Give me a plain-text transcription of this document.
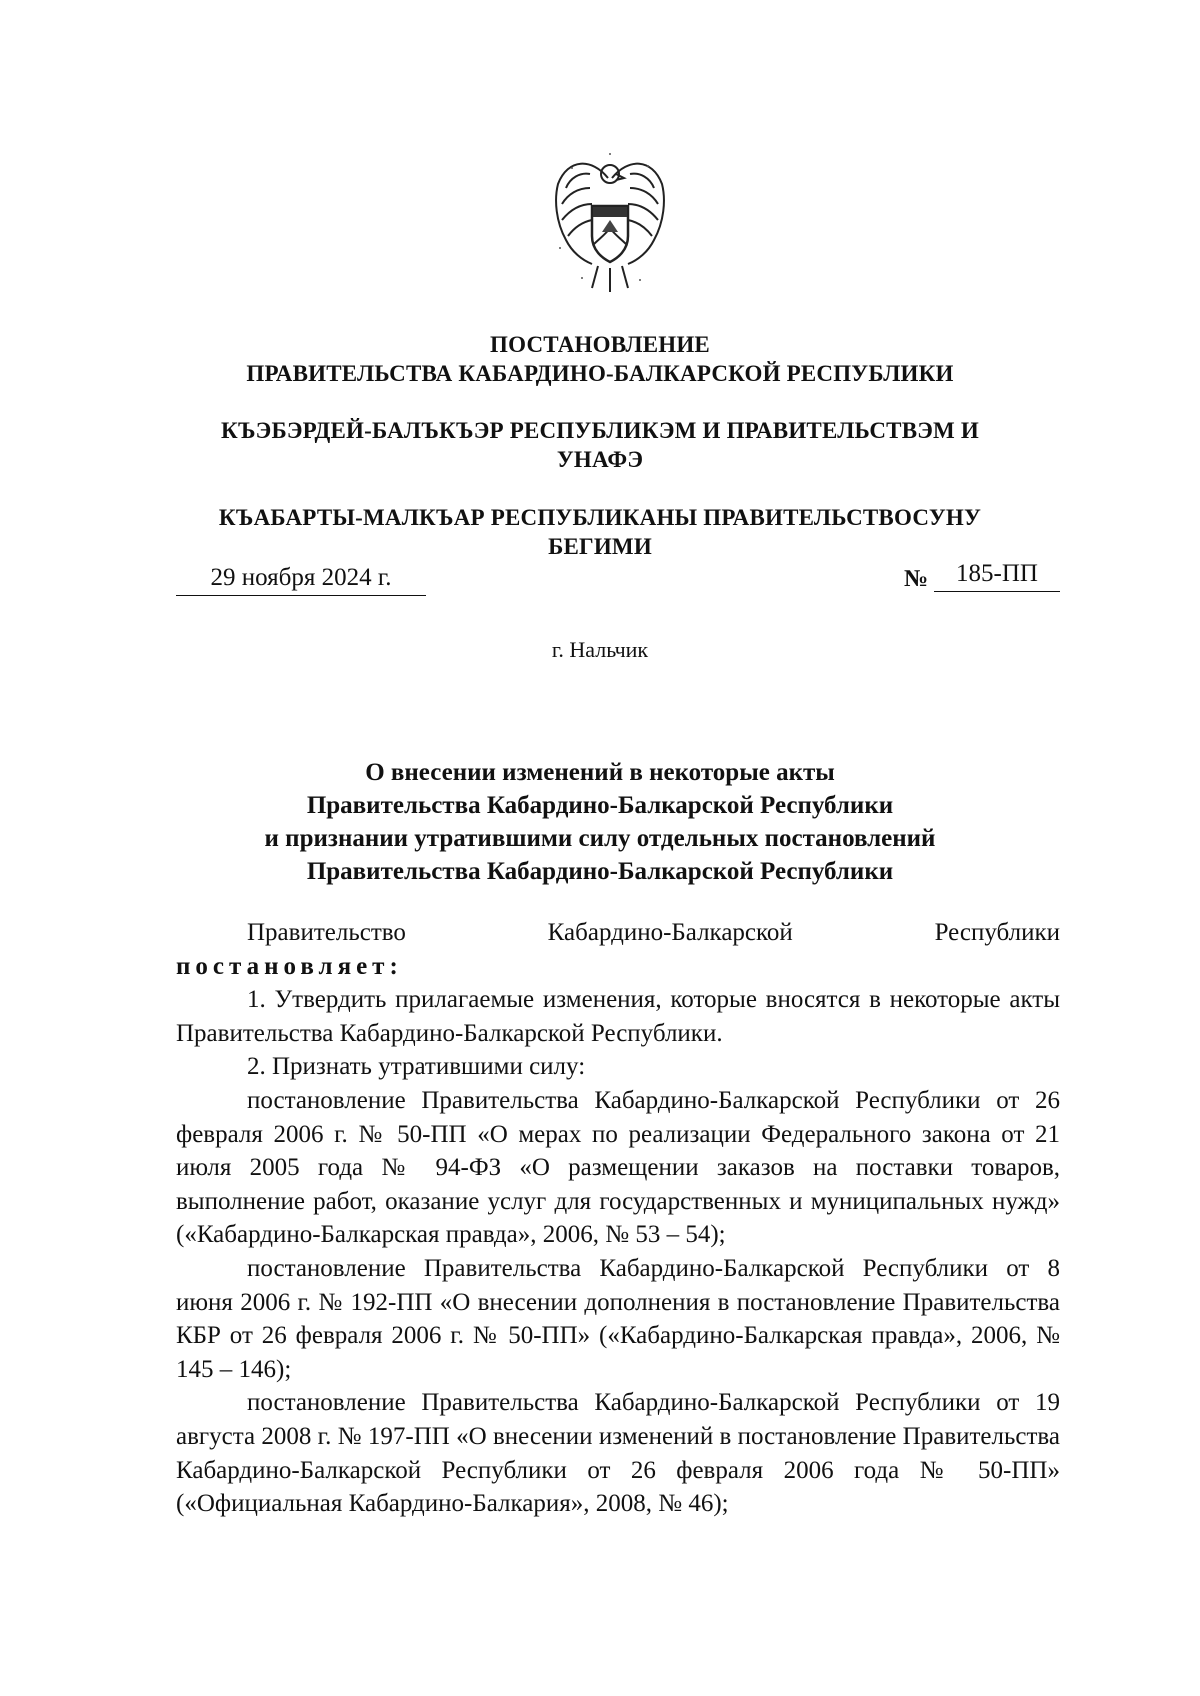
ПОСТАНОВЛЕНИЕ
ПРАВИТЕЛЬСТВА КАБАРДИНО-БАЛКАРСКОЙ РЕСПУБЛИКИ
КЪЭБЭРДЕЙ-БАЛЪКЪЭР РЕСПУБЛИКЭМ И ПРАВИТЕЛЬСТВЭМ И
УНАФЭ
КЪАБАРТЫ-МАЛКЪАР РЕСПУБЛИКАНЫ ПРАВИТЕЛЬСТВОСУНУ
БЕГИМИ
29 ноября 2024 г.	№	185-ПП
г. Нальчик
О внесении изменений в некоторые акты
Правительства Кабардино-Балкарской Республики
и признании утратившими силу отдельных постановлений
Правительства Кабардино-Балкарской Республики

Правительство Кабардино-Балкарской Республики

постановляет:

1. Утвердить прилагаемые изменения, которые вносятся в некоторые акты Правительства Кабардино-Балкарской Республики.

2. Признать утратившими силу:

постановление Правительства Кабардино-Балкарской Республики от 26 февраля 2006 г. № 50-ПП «О мерах по реализации Федерального закона от 21 июля 2005 года № 94-ФЗ «О размещении заказов на поставки товаров, выполнение работ, оказание услуг для государственных и муниципальных нужд» («Кабардино-Балкарская правда», 2006, № 53 – 54);

постановление Правительства Кабардино-Балкарской Республики от 8 июня 2006 г. № 192-ПП «О внесении дополнения в постановление Правительства КБР от 26 февраля 2006 г. № 50-ПП» («Кабардино-Балкарская правда», 2006, № 145 – 146);

постановление Правительства Кабардино-Балкарской Республики от 19 августа 2008 г. № 197-ПП «О внесении изменений в постановление Правительства Кабардино-Балкарской Республики от 26 февраля 2006 года № 50-ПП» («Официальная Кабардино-Балкария», 2008, № 46);
